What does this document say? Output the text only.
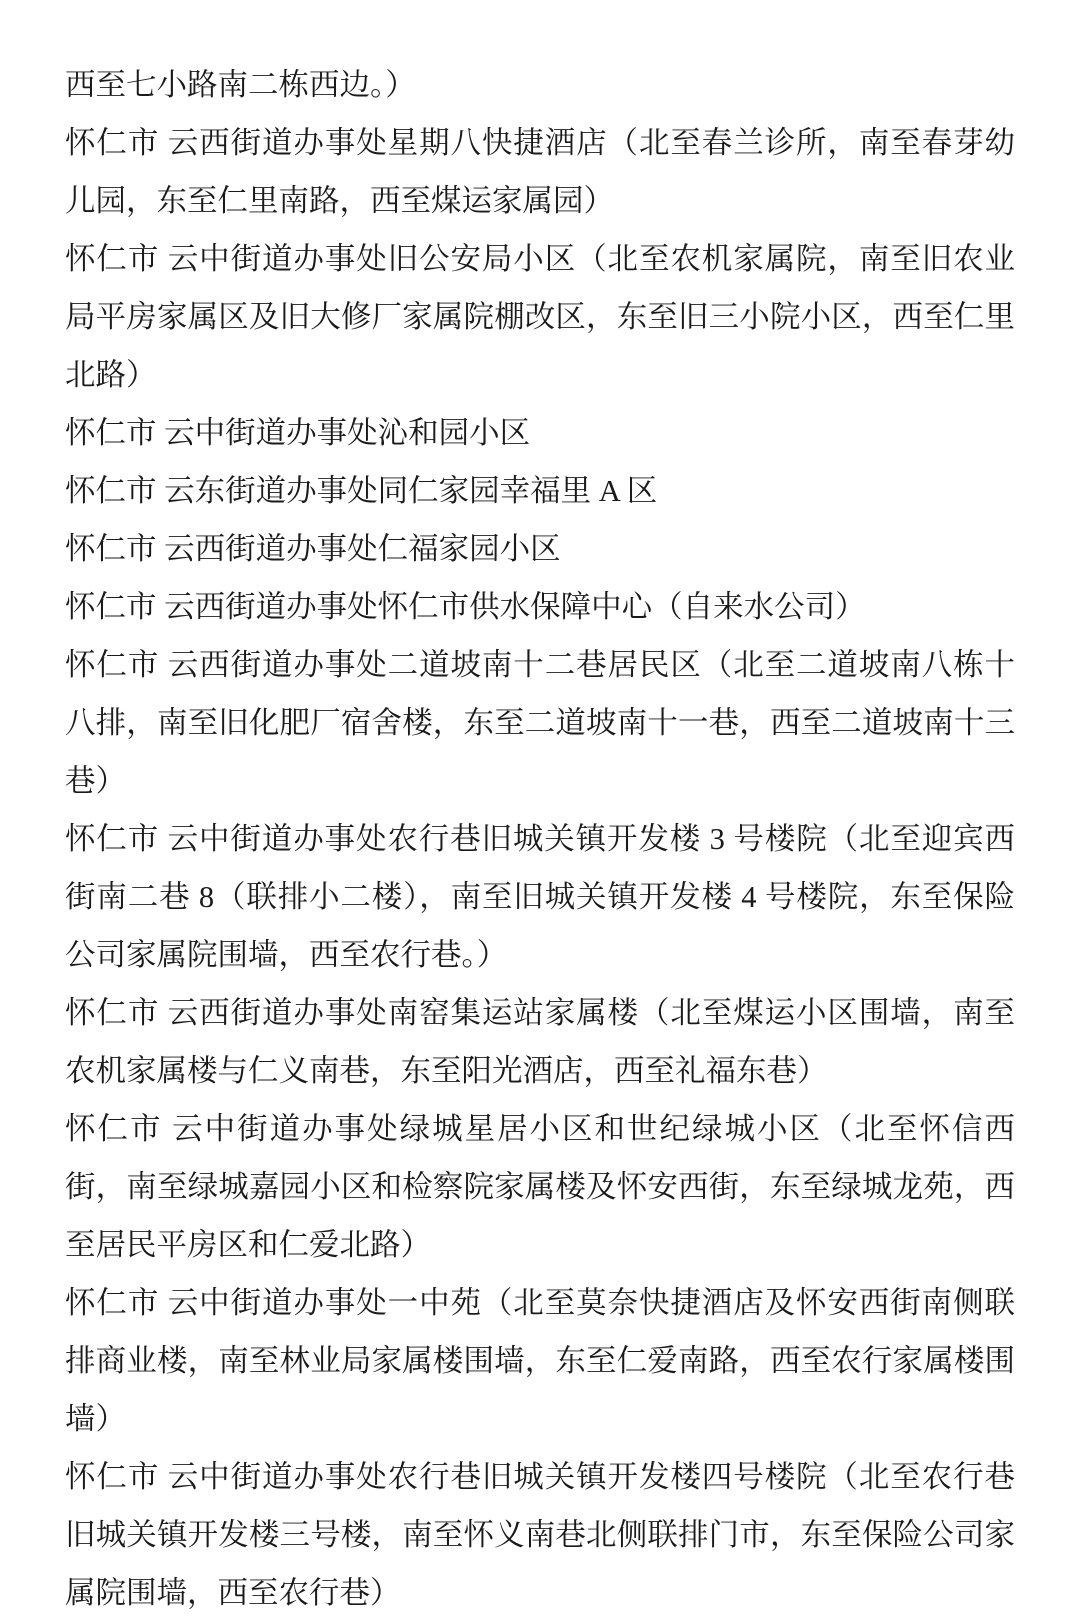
西至七小路南二栋西边。）

怀仁市 云西街道办事处星期八快捷酒店（北至春兰诊所，南至春芽幼儿园，东至仁里南路，西至煤运家属园）

怀仁市 云中街道办事处旧公安局小区（北至农机家属院，南至旧农业局平房家属区及旧大修厂家属院棚改区，东至旧三小院小区，西至仁里北路）

怀仁市 云中街道办事处沁和园小区

怀仁市 云东街道办事处同仁家园幸福里 A 区

怀仁市 云西街道办事处仁福家园小区

怀仁市 云西街道办事处怀仁市供水保障中心（自来水公司）

怀仁市 云西街道办事处二道坡南十二巷居民区（北至二道坡南八栋十八排，南至旧化肥厂宿舍楼，东至二道坡南十一巷，西至二道坡南十三巷）

怀仁市 云中街道办事处农行巷旧城关镇开发楼 3 号楼院（北至迎宾西街南二巷 8（联排小二楼），南至旧城关镇开发楼 4 号楼院，东至保险公司家属院围墙，西至农行巷。）

怀仁市 云西街道办事处南窑集运站家属楼（北至煤运小区围墙，南至农机家属楼与仁义南巷，东至阳光酒店，西至礼福东巷）

怀仁市 云中街道办事处绿城星居小区和世纪绿城小区（北至怀信西街，南至绿城嘉园小区和检察院家属楼及怀安西街，东至绿城龙苑，西至居民平房区和仁爱北路）

怀仁市 云中街道办事处一中苑（北至莫奈快捷酒店及怀安西街南侧联排商业楼，南至林业局家属楼围墙，东至仁爱南路，西至农行家属楼围墙）

怀仁市 云中街道办事处农行巷旧城关镇开发楼四号楼院（北至农行巷旧城关镇开发楼三号楼，南至怀义南巷北侧联排门市，东至保险公司家属院围墙，西至农行巷）
